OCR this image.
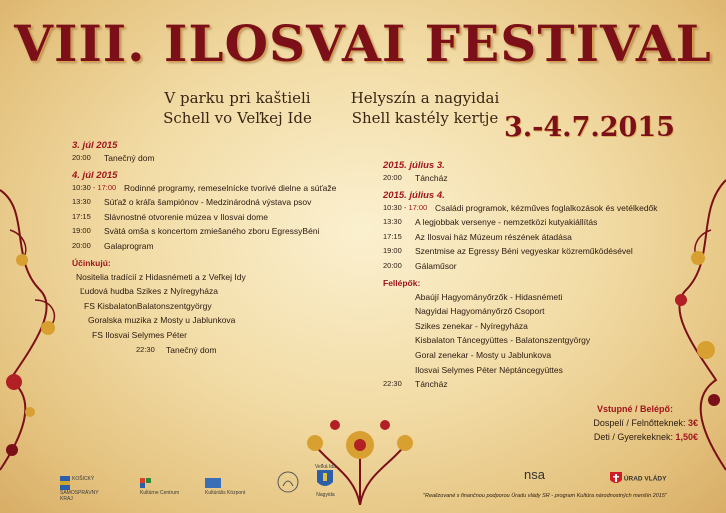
VIII. ILOSVAI FESTIVAL
V parku pri kaštieli
Schell vo Veľkej Ide
Helyszín a nagyidai
Shell kastély kertje 3.-4.7.2015
3. júl 2015
20:00	Tanečný dom
4. júl 2015
10:30 - 17:00 Rodinné programy, remeselnícke tvorivé dielne a súťaže
13:30	Súťaž o kráľa šampiónov - Medzinárodná výstava psov
17:15	Slávnostné otvorenie múzea v Ilosvai dome
19:00	Svätá omša s koncertom zmiešaného zboru EgressyBéni
20:00	Galaprogram
Účinkujú:
Nositelia tradícií z Hidasnémeti a z Veľkej Idy
Ľudová hudba Szikes z Nyíregyháza
FS KisbalatonBalatonszentgyörgy
Goralska muzika z Mosty u Jablunkova
FS Ilosvai Selymes Péter
22:30	Tanečný dom
2015. július 3.
20:00	Táncház
2015. július 4.
10:30 - 17:00 Családi programok, kézműves foglalkozások és vetélkedők
13:30	A legjobbak versenye - nemzetközi kutyakiállítás
17:15	Az Ilosvai ház Múzeum részének átadása
19:00	Szentmise az Egressy Béni vegyeskar közreműködésével
20:00	Gálaműsor
Fellépők:
Abaújí Hagyományőrzők - Hidasnémeti
Nagyidai Hagyományőrző Csoport
Szikes zenekar - Nyíregyháza
Kisbalaton Táncegyüttes - Balatonszentgyörgy
Goral zenekar - Mosty u Jablunkova
Ilosvai Selymes Péter Néptáncegyüttes
22:30	Táncház
Vstupné / Belépő:
Dospelí / Felnőtteknek: 3€
Deti / Gyerekeknek: 1,50€
KOŠICKÝ
SAMOSPRÁVNY
KRAJ
Kultúrne Centrum	Kultúrális Központ
Veľká Ida
Nagyida
nsa	ÚRAD VLÁDY
"Realizované s finančnou podporou Úradu vlády SR - program Kultúra národnostných menšín 2015"
